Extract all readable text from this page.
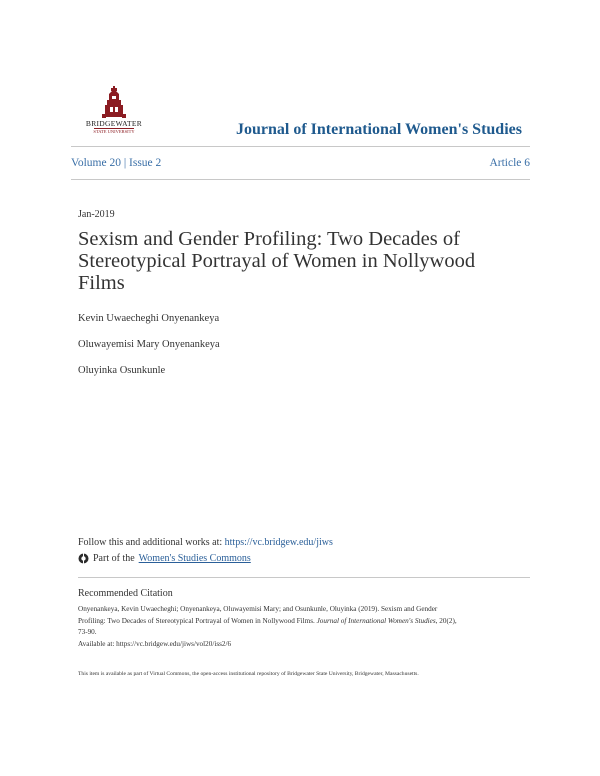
BRIDGEWATER
STATE UNIVERSITY	Journal of International Women's Studies
Volume 20 | Issue 2	Article 6
Jan-2019
Sexism and Gender Profiling: Two Decades of Stereotypical Portrayal of Women in Nollywood Films
Kevin Uwaecheghi Onyenankeya
Oluwayemisi Mary Onyenankeya
Oluyinka Osunkunle
Follow this and additional works at: https://vc.bridgew.edu/jiws
Part of the Women's Studies Commons
Recommended Citation
Onyenankeya, Kevin Uwaecheghi; Onyenankeya, Oluwayemisi Mary; and Osunkunle, Oluyinka (2019). Sexism and Gender
Profiling: Two Decades of Stereotypical Portrayal of Women in Nollywood Films. Journal of International Women's Studies, 20(2),
73-90.
Available at: https://vc.bridgew.edu/jiws/vol20/iss2/6
This item is available as part of Virtual Commons, the open-access institutional repository of Bridgewater State University, Bridgewater, Massachusetts.
